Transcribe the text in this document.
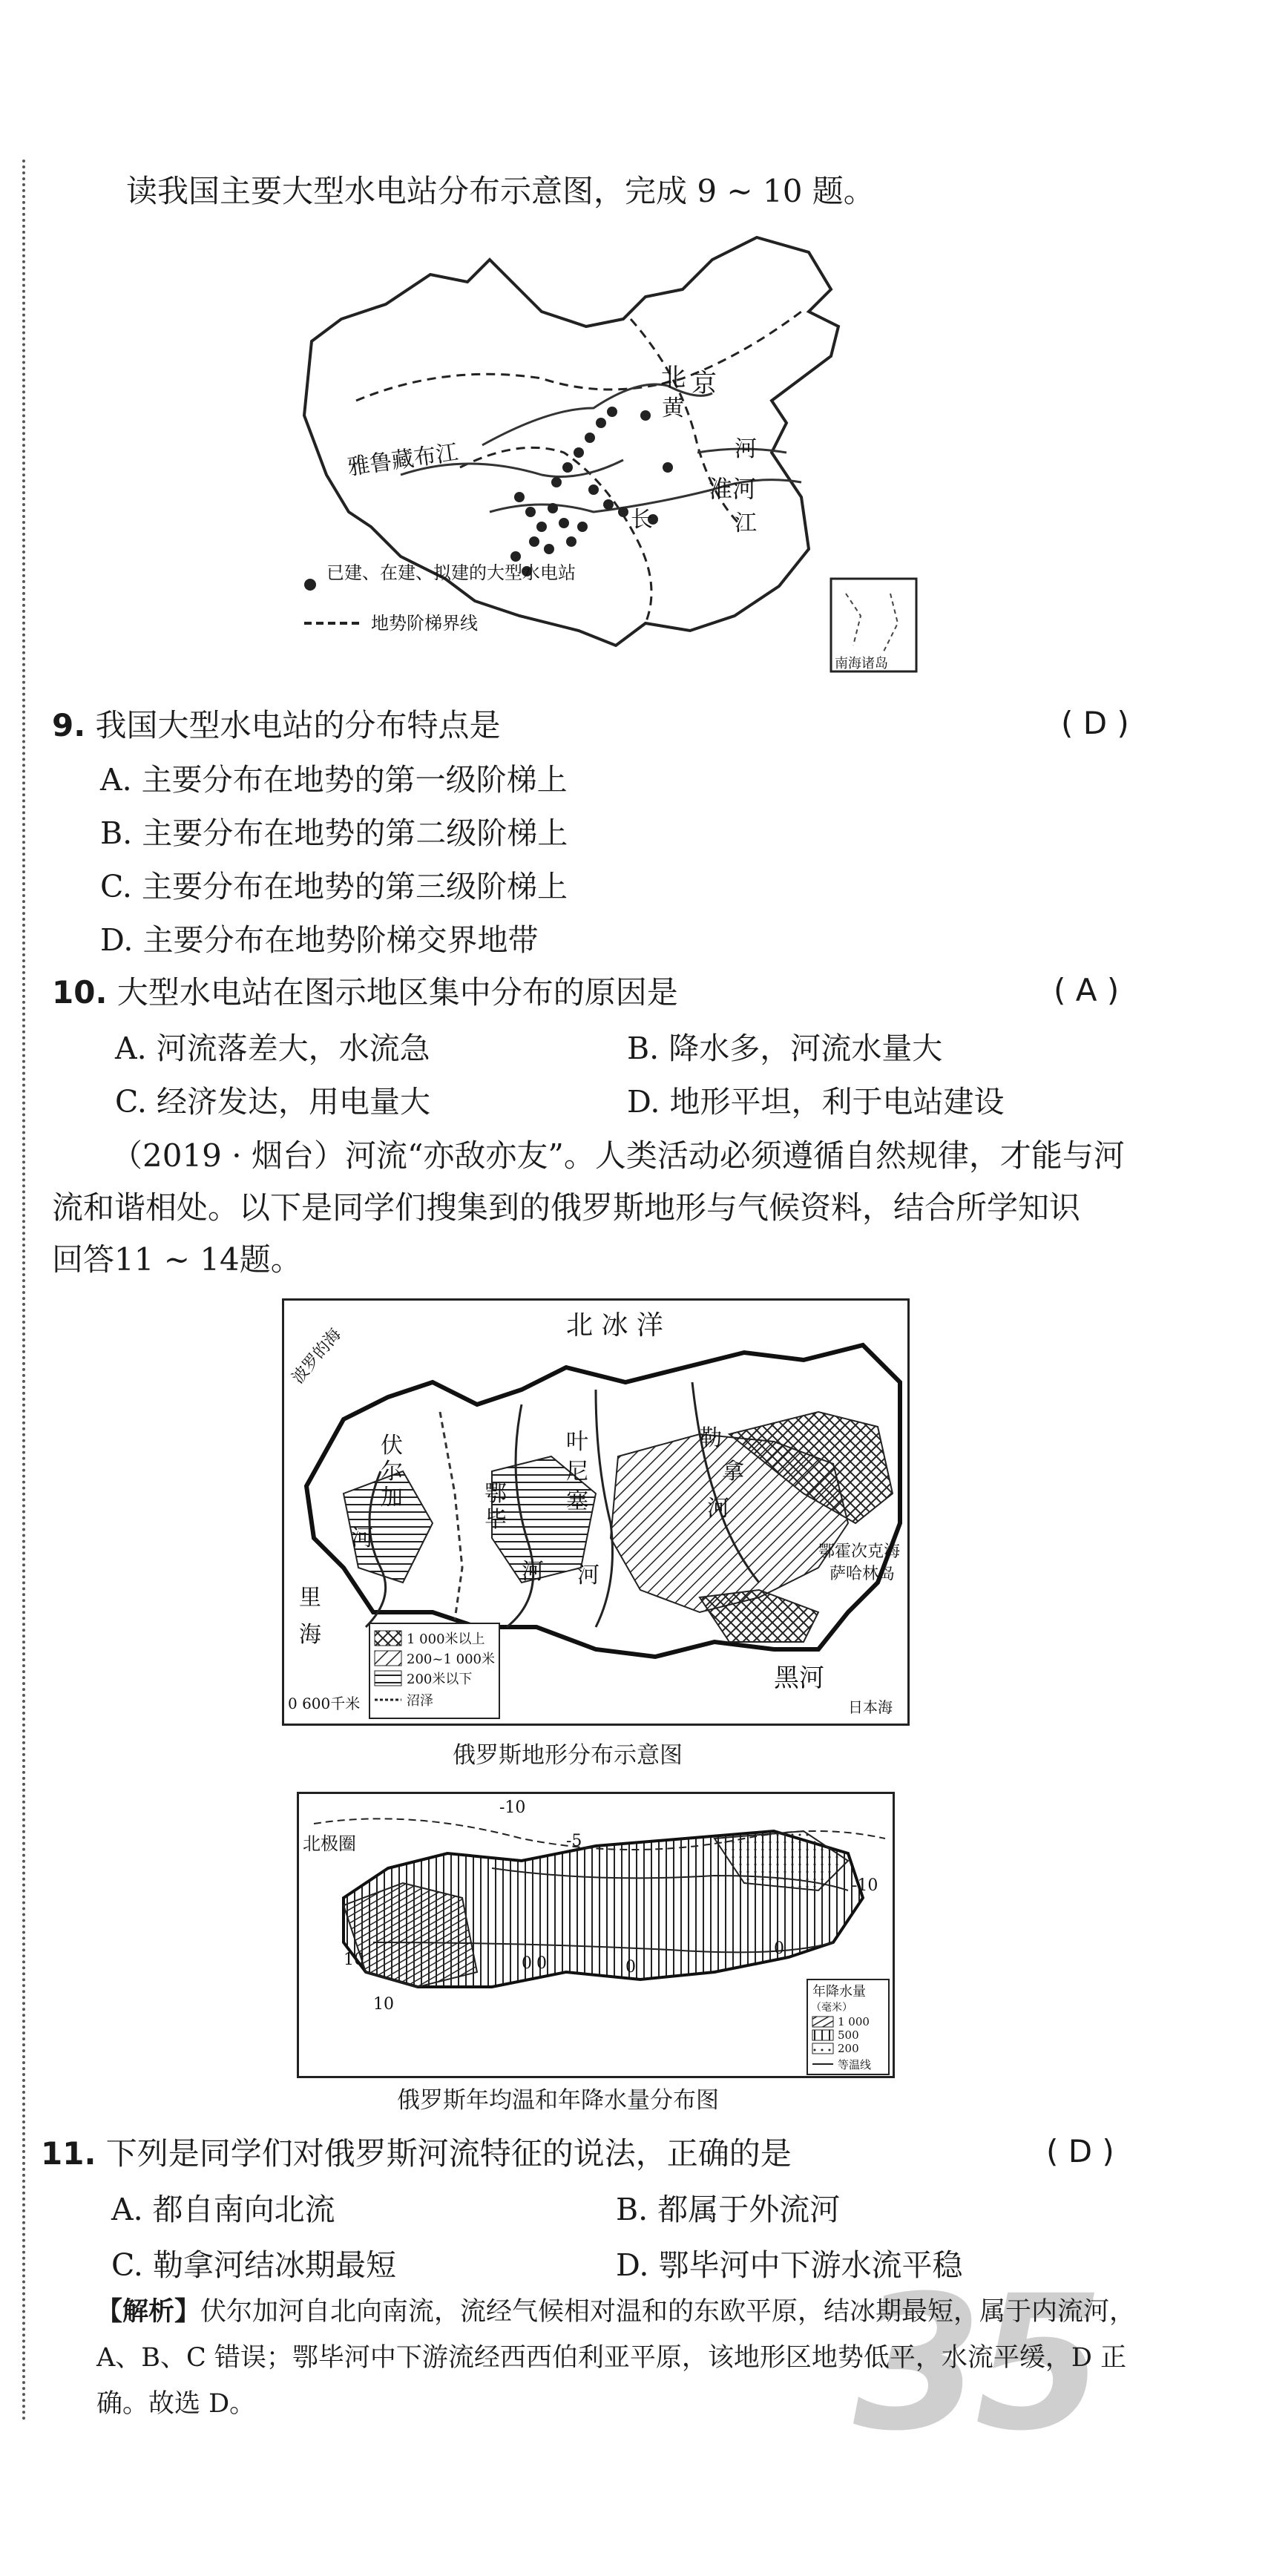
读我国主要大型水电站分布示意图，完成 9 ~ 10 题。
北 京
黄
河
雅鲁藏布江
淮河
长	江
已建、在建、拟建的大型水电站
地势阶梯界线
南海诸岛
9. 我国大型水电站的分布特点是	( D )
A. 主要分布在地势的第一级阶梯上
B. 主要分布在地势的第二级阶梯上
C. 主要分布在地势的第三级阶梯上
D. 主要分布在地势阶梯交界地带
10. 大型水电站在图示地区集中分布的原因是	( A )
A. 河流落差大，水流急	B. 降水多，河流水量大
C. 经济发达，用电量大	D. 地形平坦，利于电站建设
（2019 · 烟台）河流“亦敌亦友”。人类活动必须遵循自然规律，才能与河
流和谐相处。以下是同学们搜集到的俄罗斯地形与气候资料，结合所学知识
回答11 ~ 14题。
北 冰 洋
波罗的海
伏
尔
加
河
鄂
毕
河
叶
尼
塞
河
勒
拿
河
鄂霍次克海
萨哈林岛
里
海
黑河
日本海
0 600千米
1 000米以上
200~1 000米
200米以下
沼泽
俄罗斯地形分布示意图
北极圈
-10
-5
-10
10	0 0	0
0
10
年降水量
（毫米）
1 000
500
200
等温线
俄罗斯年均温和年降水量分布图
11. 下列是同学们对俄罗斯河流特征的说法，正确的是	( D )
A. 都自南向北流	B. 都属于外流河
C. 勒拿河结冰期最短	D. 鄂毕河中下游水流平稳
35
【解析】伏尔加河自北向南流，流经气候相对温和的东欧平原，结冰期最短，属于内流河，A、B、C 错误；鄂毕河中下游流经西西伯利亚平原，该地形区地势低平，水流平缓，D 正确。故选 D。
